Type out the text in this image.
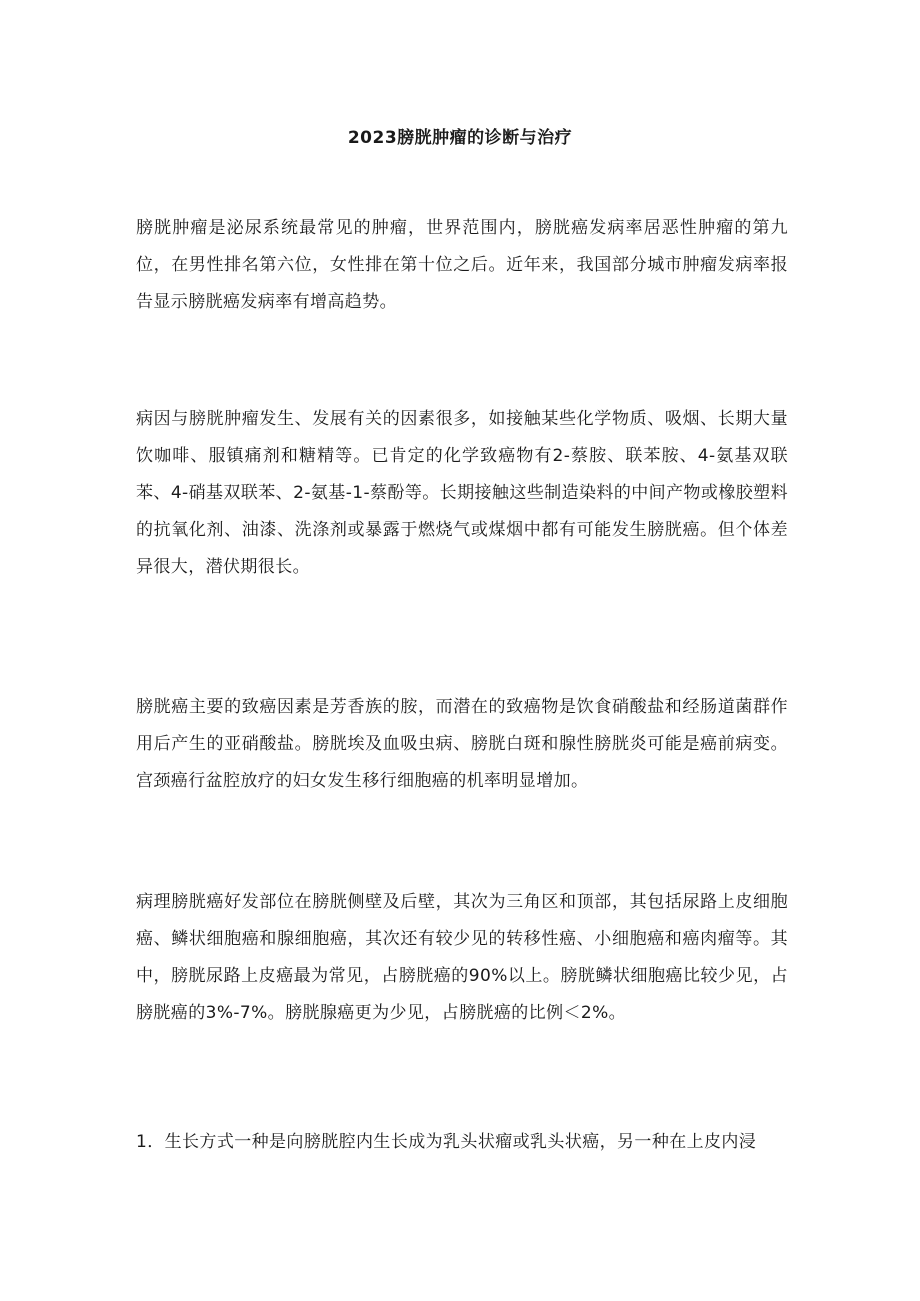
2023膀胱肿瘤的诊断与治疗

膀胱肿瘤是泌尿系统最常见的肿瘤，世界范围内，膀胱癌发病率居恶性肿瘤的第九位，在男性排名第六位，女性排在第十位之后。近年来，我国部分城市肿瘤发病率报告显示膀胱癌发病率有增高趋势。

病因与膀胱肿瘤发生、发展有关的因素很多，如接触某些化学物质、吸烟、长期大量饮咖啡、服镇痛剂和糖精等。已肯定的化学致癌物有2-蔡胺、联苯胺、4-氨基双联苯、4-硝基双联苯、2-氨基-1-蔡酚等。长期接触这些制造染料的中间产物或橡胶塑料的抗氧化剂、油漆、洗涤剂或暴露于燃烧气或煤烟中都有可能发生膀胱癌。但个体差异很大，潜伏期很长。

膀胱癌主要的致癌因素是芳香族的胺，而潜在的致癌物是饮食硝酸盐和经肠道菌群作用后产生的亚硝酸盐。膀胱埃及血吸虫病、膀胱白斑和腺性膀胱炎可能是癌前病变。宫颈癌行盆腔放疗的妇女发生移行细胞癌的机率明显增加。

病理膀胱癌好发部位在膀胱侧壁及后壁，其次为三角区和顶部，其包括尿路上皮细胞癌、鳞状细胞癌和腺细胞癌，其次还有较少见的转移性癌、小细胞癌和癌肉瘤等。其中，膀胱尿路上皮癌最为常见，占膀胱癌的90%以上。膀胱鳞状细胞癌比较少见，占膀胱癌的3%-7%。膀胱腺癌更为少见，占膀胱癌的比例＜2%。

1．生长方式一种是向膀胱腔内生长成为乳头状瘤或乳头状癌，另一种在上皮内浸
